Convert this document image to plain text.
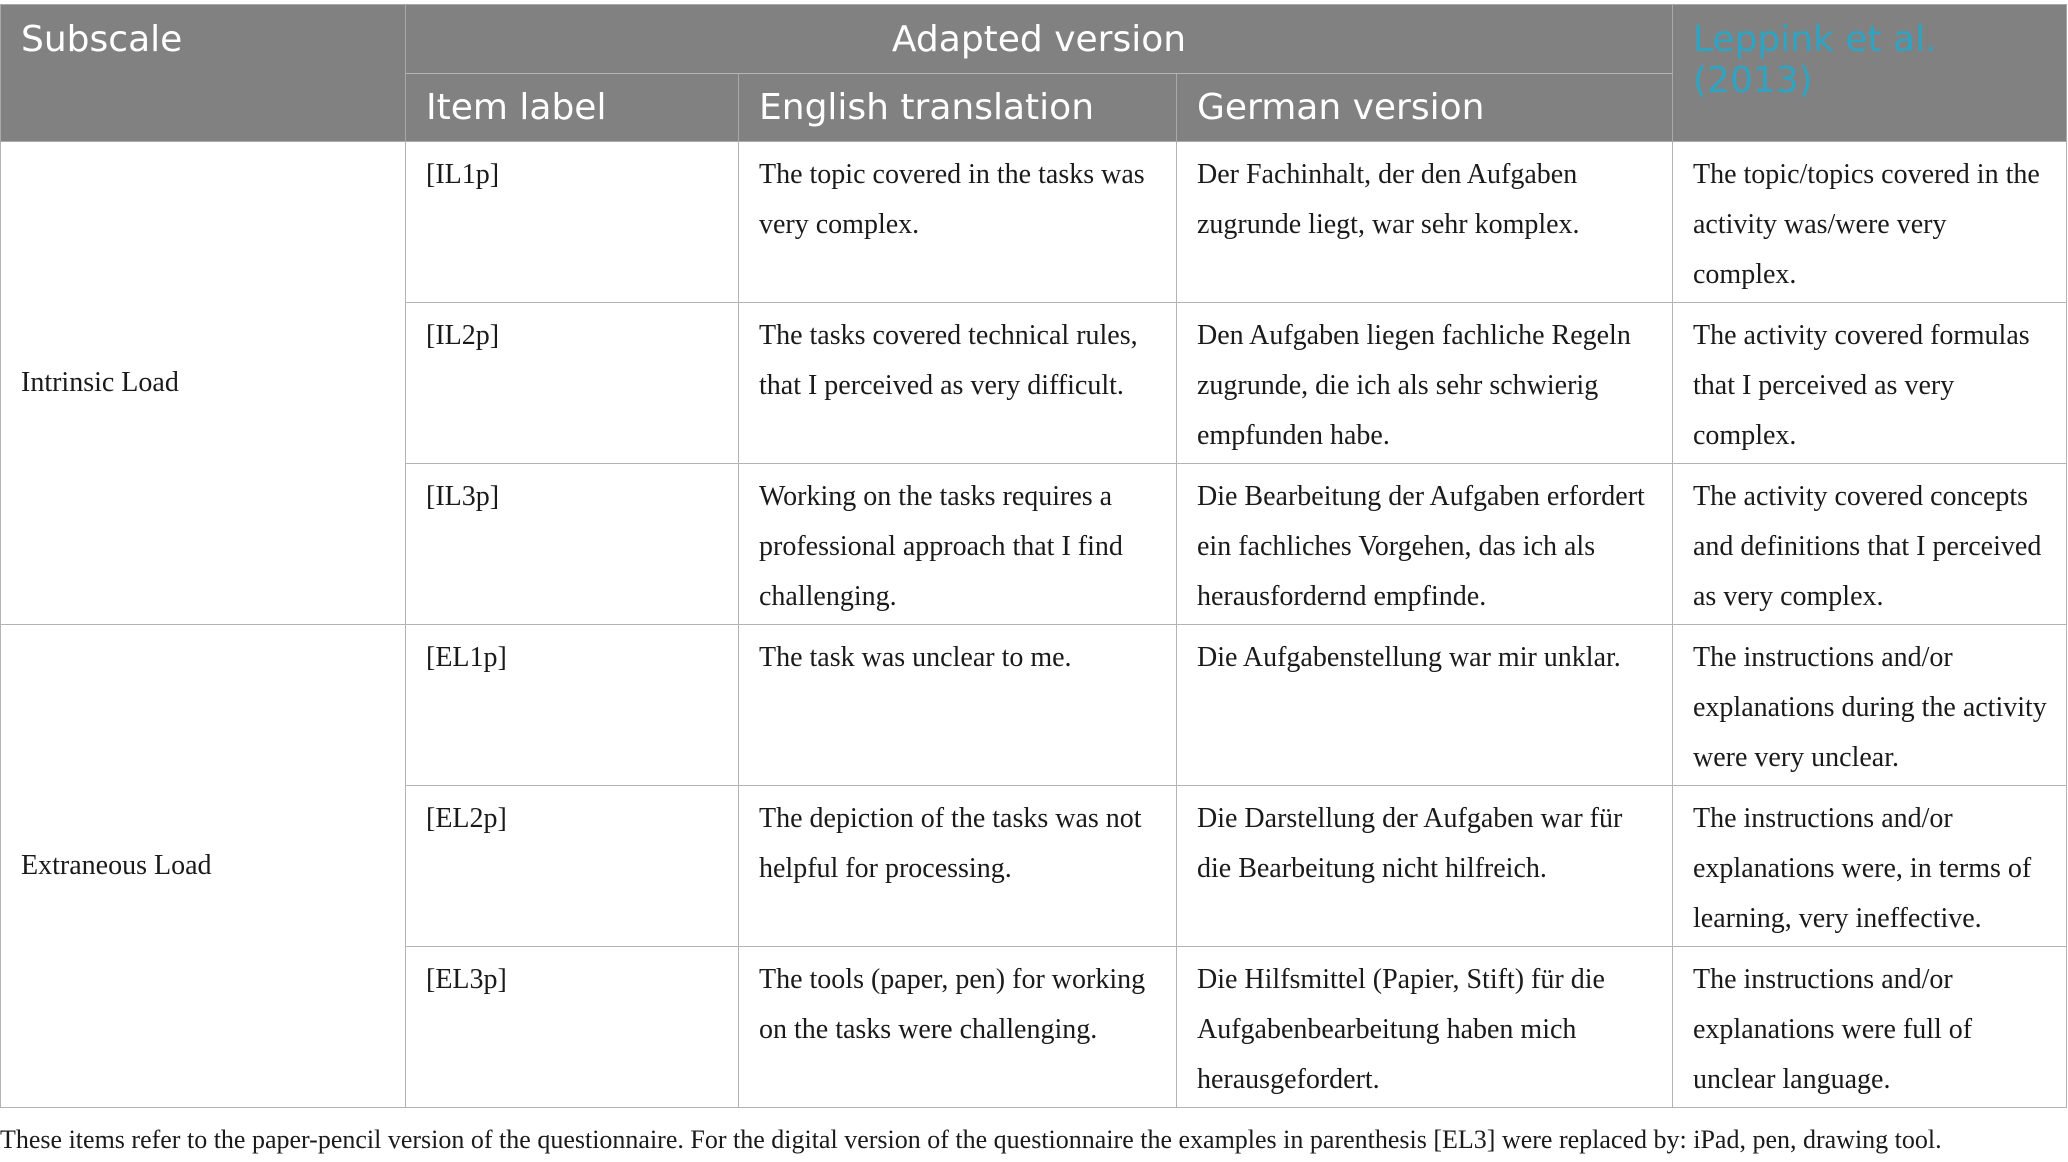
Subscale	Adapted version			Leppink et al. (2013)
	Item label	English translation	German version	
Intrinsic Load	[IL1p]	The topic covered in the tasks was very complex.	Der Fachinhalt, der den Aufgaben zugrunde liegt, war sehr komplex.	The topic/topics covered in the activity was/were very complex.
	[IL2p]	The tasks covered technical rules, that I perceived as very difficult.	Den Aufgaben liegen fachliche Regeln zugrunde, die ich als sehr schwierig empfunden habe.	The activity covered formulas that I perceived as very complex.
	[IL3p]	Working on the tasks requires a professional approach that I find challenging.	Die Bearbeitung der Aufgaben erfordert ein fachliches Vorgehen, das ich als herausfordernd empfinde.	The activity covered concepts and definitions that I perceived as very complex.
Extraneous Load	[EL1p]	The task was unclear to me.	Die Aufgabenstellung war mir unklar.	The instructions and/or explanations during the activity were very unclear.
	[EL2p]	The depiction of the tasks was not helpful for processing.	Die Darstellung der Aufgaben war für die Bearbeitung nicht hilfreich.	The instructions and/or explanations were, in terms of learning, very ineffective.
	[EL3p]	The tools (paper, pen) for working on the tasks were challenging.	Die Hilfsmittel (Papier, Stift) für die Aufgabenbearbeitung haben mich herausgefordert.	The instructions and/or explanations were full of unclear language.
These items refer to the paper-pencil version of the questionnaire. For the digital version of the questionnaire the examples in parenthesis [EL3] were replaced by: iPad, pen, drawing tool.
